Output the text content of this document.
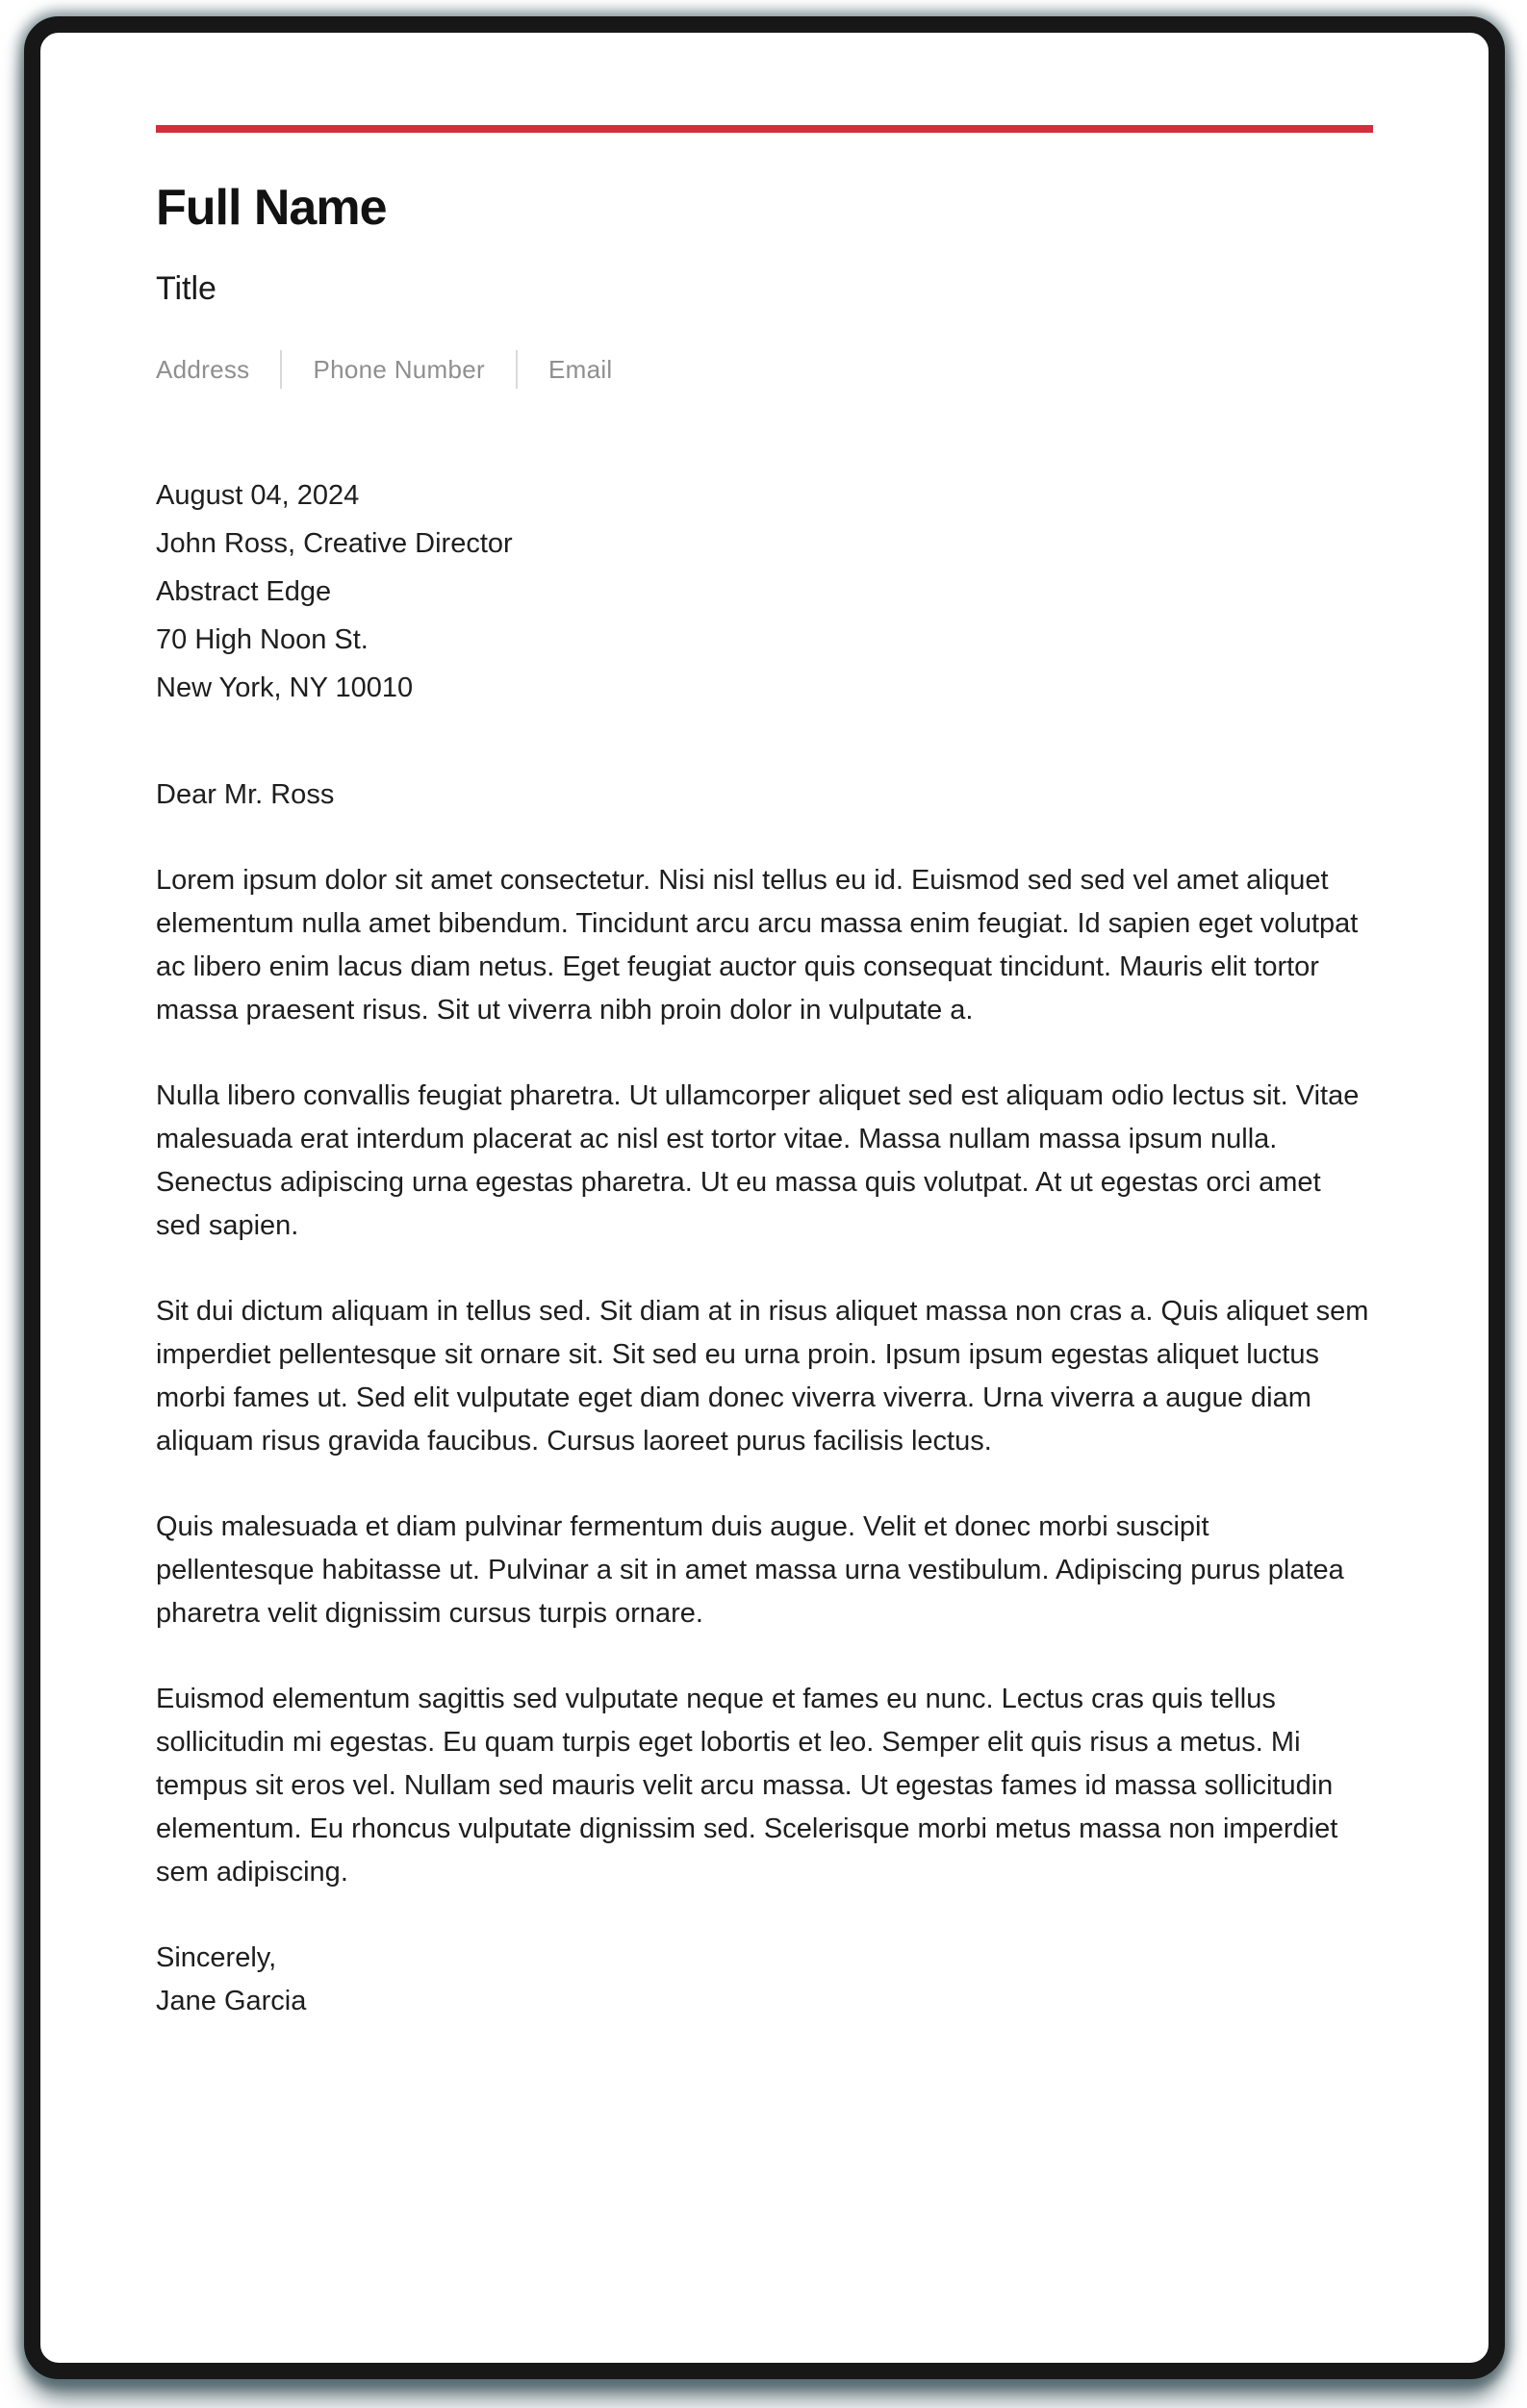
Full Name
Title
Address	Phone Number	Email
August 04, 2024
John Ross, Creative Director
Abstract Edge
70 High Noon St.
New York, NY 10010

Dear Mr. Ross

Lorem ipsum dolor sit amet consectetur. Nisi nisl tellus eu id. Euismod sed sed vel amet aliquet elementum nulla amet bibendum. Tincidunt arcu arcu massa enim feugiat. Id sapien eget volutpat ac libero enim lacus diam netus. Eget feugiat auctor quis consequat tincidunt. Mauris elit tortor massa praesent risus. Sit ut viverra nibh proin dolor in vulputate a.

Nulla libero convallis feugiat pharetra. Ut ullamcorper aliquet sed est aliquam odio lectus sit. Vitae malesuada erat interdum placerat ac nisl est tortor vitae. Massa nullam massa ipsum nulla. Senectus adipiscing urna egestas pharetra. Ut eu massa quis volutpat. At ut egestas orci amet sed sapien.

Sit dui dictum aliquam in tellus sed. Sit diam at in risus aliquet massa non cras a. Quis aliquet sem imperdiet pellentesque sit ornare sit. Sit sed eu urna proin. Ipsum ipsum egestas aliquet luctus morbi fames ut. Sed elit vulputate eget diam donec viverra viverra. Urna viverra a augue diam aliquam risus gravida faucibus. Cursus laoreet purus facilisis lectus.

Quis malesuada et diam pulvinar fermentum duis augue. Velit et donec morbi suscipit pellentesque habitasse ut. Pulvinar a sit in amet massa urna vestibulum. Adipiscing purus platea pharetra velit dignissim cursus turpis ornare.

Euismod elementum sagittis sed vulputate neque et fames eu nunc. Lectus cras quis tellus sollicitudin mi egestas. Eu quam turpis eget lobortis et leo. Semper elit quis risus a metus. Mi tempus sit eros vel. Nullam sed mauris velit arcu massa. Ut egestas fames id massa sollicitudin elementum. Eu rhoncus vulputate dignissim sed. Scelerisque morbi metus massa non imperdiet sem adipiscing.

Sincerely,
Jane Garcia
